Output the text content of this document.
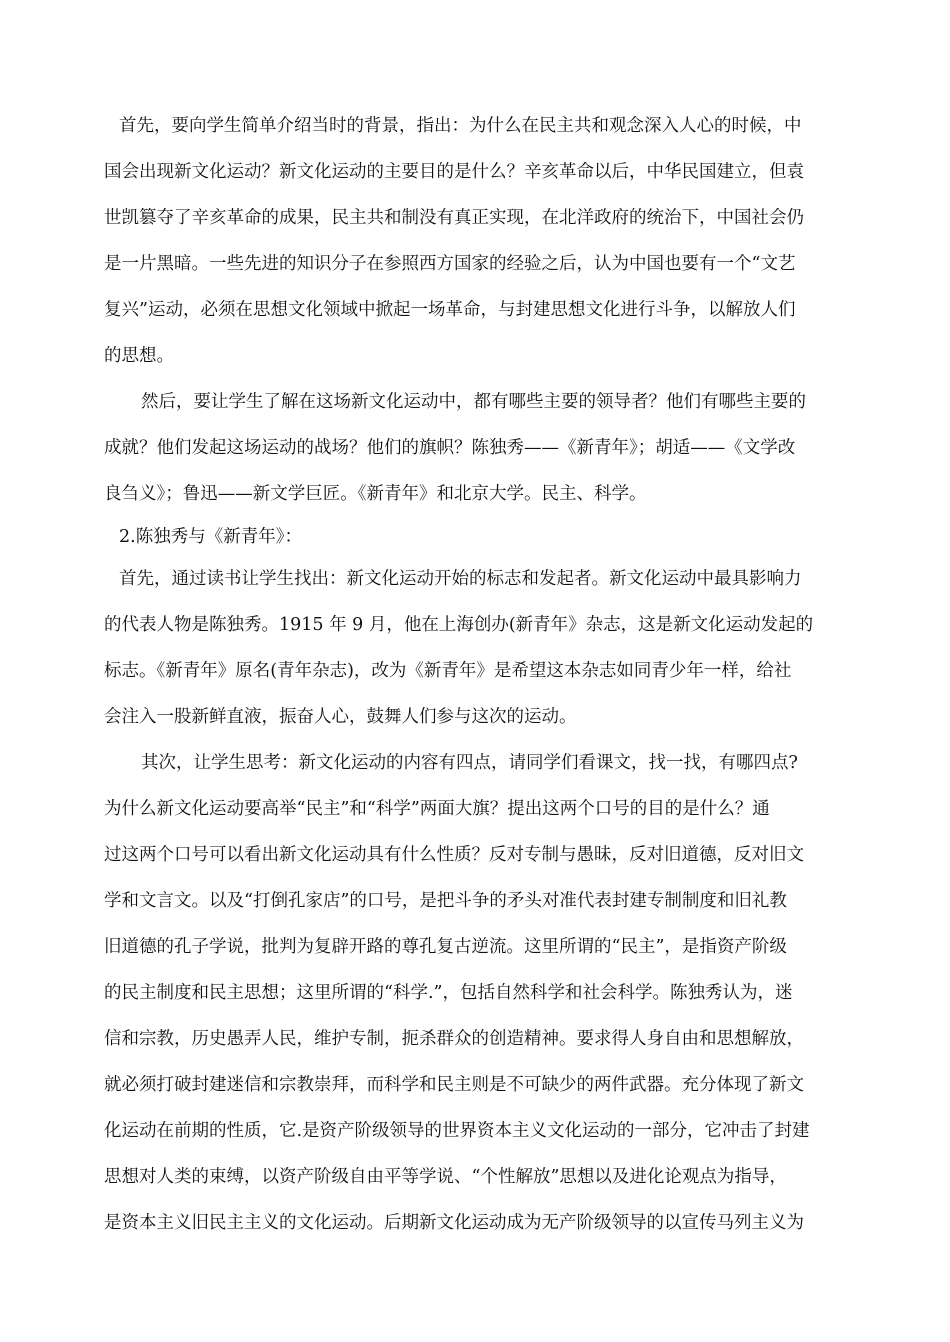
首先，要向学生简单介绍当时的背景，指出：为什么在民主共和观念深入人心的时候，中
国会出现新文化运动？新文化运动的主要目的是什么？辛亥革命以后，中华民国建立，但袁
世凯篡夺了辛亥革命的成果，民主共和制没有真正实现，在北洋政府的统治下，中国社会仍
是一片黑暗。一些先进的知识分子在参照西方国家的经验之后，认为中国也要有一个“文艺
复兴”运动，必须在思想文化领域中掀起一场革命，与封建思想文化进行斗争，以解放人们
的思想。
然后，要让学生了解在这场新文化运动中，都有哪些主要的领导者？他们有哪些主要的
成就？他们发起这场运动的战场？他们的旗帜？陈独秀——《新青年》；胡适——《文学改
良刍义》；鲁迅——新文学巨匠。《新青年》和北京大学。民主、科学。
2.陈独秀与《新青年》：
首先，通过读书让学生找出：新文化运动开始的标志和发起者。新文化运动中最具影响力
的代表人物是陈独秀。1915 年 9 月，他在上海创办(新青年》杂志，这是新文化运动发起的
标志。《新青年》原名(青年杂志)，改为《新青年》是希望这本杂志如同青少年一样，给社
会注入一股新鲜直液，振奋人心，鼓舞人们参与这次的运动。
其次，让学生思考：新文化运动的内容有四点，请同学们看课文，找一找，有哪四点?
为什么新文化运动要高举“民主”和“科学”两面大旗？提出这两个口号的目的是什么？通
过这两个口号可以看出新文化运动具有什么性质？反对专制与愚昧，反对旧道德，反对旧文
学和文言文。以及“打倒孔家店”的口号，是把斗争的矛头对准代表封建专制制度和旧礼教
旧道德的孔子学说，批判为复辟开路的尊孔复古逆流。这里所谓的“民主”，是指资产阶级
的民主制度和民主思想；这里所谓的“科学.”，包括自然科学和社会科学。陈独秀认为，迷
信和宗教，历史愚弄人民，维护专制，扼杀群众的创造精神。要求得人身自由和思想解放，
就必须打破封建迷信和宗教崇拜，而科学和民主则是不可缺少的两件武器。充分体现了新文
化运动在前期的性质，它.是资产阶级领导的世界资本主义文化运动的一部分，它冲击了封建
思想对人类的束缚，以资产阶级自由平等学说、“个性解放”思想以及进化论观点为指导，
是资本主义旧民主主义的文化运动。后期新文化运动成为无产阶级领导的以宣传马列主义为
